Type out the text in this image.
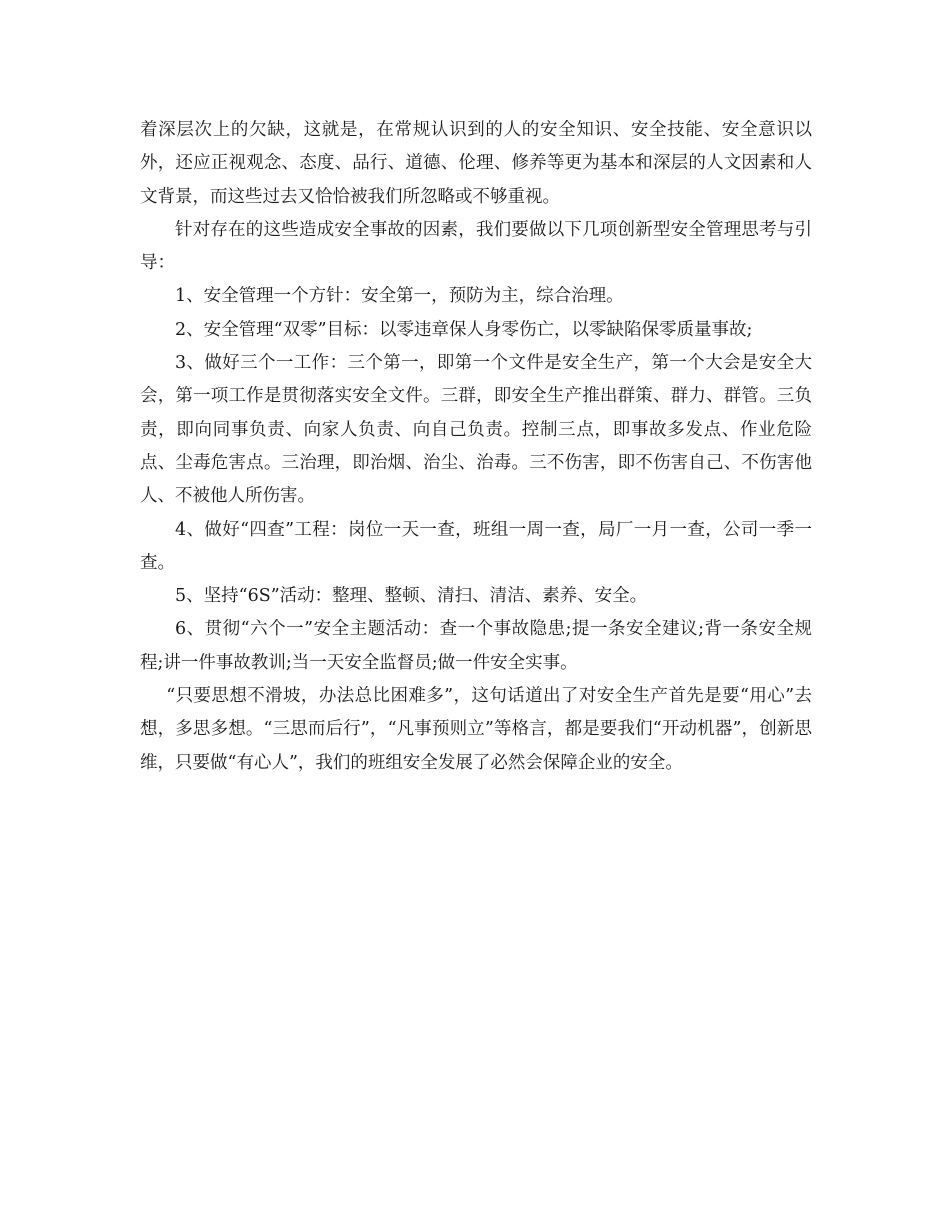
着深层次上的欠缺，这就是，在常规认识到的人的安全知识、安全技能、安全意识以外，还应正视观念、态度、品行、道德、伦理、修养等更为基本和深层的人文因素和人文背景，而这些过去又恰恰被我们所忽略或不够重视。

针对存在的这些造成安全事故的因素，我们要做以下几项创新型安全管理思考与引导：

1、安全管理一个方针：安全第一，预防为主，综合治理。

2、安全管理“双零”目标：以零违章保人身零伤亡，以零缺陷保零质量事故;

3、做好三个一工作：三个第一，即第一个文件是安全生产，第一个大会是安全大会，第一项工作是贯彻落实安全文件。三群，即安全生产推出群策、群力、群管。三负责，即向同事负责、向家人负责、向自己负责。控制三点，即事故多发点、作业危险点、尘毒危害点。三治理，即治烟、治尘、治毒。三不伤害，即不伤害自己、不伤害他人、不被他人所伤害。

4、做好“四查”工程：岗位一天一查，班组一周一查，局厂一月一查，公司一季一查。

5、坚持“6S”活动：整理、整顿、清扫、清洁、素养、安全。

6、贯彻“六个一”安全主题活动：查一个事故隐患;提一条安全建议;背一条安全规程;讲一件事故教训;当一天安全监督员;做一件安全实事。

“只要思想不滑坡，办法总比困难多”，这句话道出了对安全生产首先是要“用心”去想，多思多想。“三思而后行”，“凡事预则立”等格言，都是要我们“开动机器”，创新思维，只要做“有心人”，我们的班组安全发展了必然会保障企业的安全。
